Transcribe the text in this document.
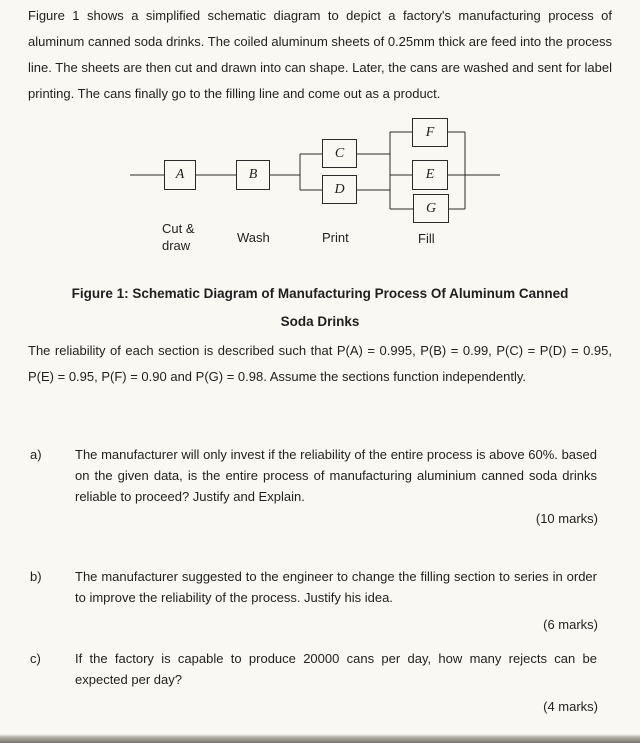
Figure 1 shows a simplified schematic diagram to depict a factory's manufacturing process of aluminum canned soda drinks. The coiled aluminum sheets of 0.25mm thick are feed into the process line. The sheets are then cut and drawn into can shape. Later, the cans are washed and sent for label printing. The cans finally go to the filling line and come out as a product.

A	B
C
D
F
E
G
Cut &
draw
Wash	Print	Fill
Figure 1: Schematic Diagram of Manufacturing Process Of Aluminum Canned
Soda Drinks

The reliability of each section is described such that P(A) = 0.995, P(B) = 0.99, P(C) = P(D) = 0.95, P(E) = 0.95, P(F) = 0.90 and P(G) = 0.98. Assume the sections function independently.

a)	The manufacturer will only invest if the reliability of the entire process is above 60%. based on the given data, is the entire process of manufacturing aluminium canned soda drinks reliable to proceed? Justify and Explain.
(10 marks)
b)	The manufacturer suggested to the engineer to change the filling section to series in order to improve the reliability of the process. Justify his idea.
(6 marks)
c)	If the factory is capable to produce 20000 cans per day, how many rejects can be expected per day?
(4 marks)
